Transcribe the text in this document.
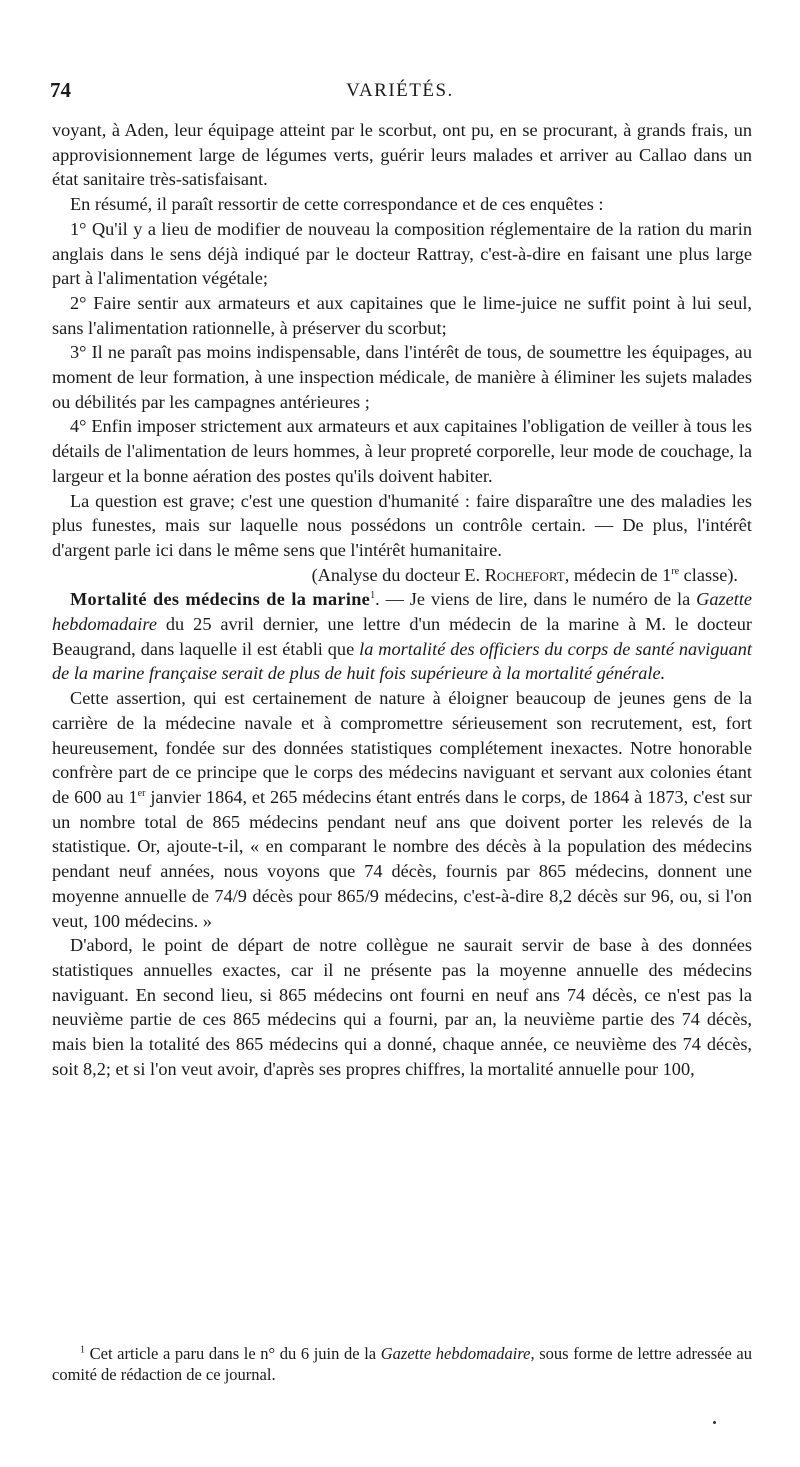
74	VARIÉTÉS.

voyant, à Aden, leur équipage atteint par le scorbut, ont pu, en se procurant, à grands frais, un approvisionnement large de légumes verts, guérir leurs malades et arriver au Callao dans un état sanitaire très-satisfaisant.

En résumé, il paraît ressortir de cette correspondance et de ces enquêtes :

1° Qu'il y a lieu de modifier de nouveau la composition réglementaire de la ration du marin anglais dans le sens déjà indiqué par le docteur Rattray, c'est-à-dire en faisant une plus large part à l'alimentation végétale;

2° Faire sentir aux armateurs et aux capitaines que le lime-juice ne suffit point à lui seul, sans l'alimentation rationnelle, à préserver du scorbut;

3° Il ne paraît pas moins indispensable, dans l'intérêt de tous, de soumettre les équipages, au moment de leur formation, à une inspection médicale, de manière à éliminer les sujets malades ou débilités par les campagnes antérieures ;

4° Enfin imposer strictement aux armateurs et aux capitaines l'obligation de veiller à tous les détails de l'alimentation de leurs hommes, à leur propreté corporelle, leur mode de couchage, la largeur et la bonne aération des postes qu'ils doivent habiter.

La question est grave; c'est une question d'humanité : faire disparaître une des maladies les plus funestes, mais sur laquelle nous possédons un contrôle certain. — De plus, l'intérêt d'argent parle ici dans le même sens que l'intérêt humanitaire.

(Analyse du docteur E. Rochefort, médecin de 1re classe).

Mortalité des médecins de la marine$^1$. — Je viens de lire, dans le numéro de la Gazette hebdomadaire du 25 avril dernier, une lettre d'un médecin de la marine à M. le docteur Beaugrand, dans laquelle il est établi que la mortalité des officiers du corps de santé naviguant de la marine française serait de plus de huit fois supérieure à la mortalité générale.

Cette assertion, qui est certainement de nature à éloigner beaucoup de jeunes gens de la carrière de la médecine navale et à compromettre sérieusement son recrutement, est, fort heureusement, fondée sur des données statistiques complétement inexactes. Notre honorable confrère part de ce principe que le corps des médecins naviguant et servant aux colonies étant de 600 au 1er janvier 1864, et 265 médecins étant entrés dans le corps, de 1864 à 1873, c'est sur un nombre total de 865 médecins pendant neuf ans que doivent porter les relevés de la statistique. Or, ajoute-t-il, « en comparant le nombre des décès à la population des médecins pendant neuf années, nous voyons que 74 décès, fournis par 865 médecins, donnent une moyenne annuelle de 74/9 décès pour 865/9 médecins, c'est-à-dire 8,2 décès sur 96, ou, si l'on veut, 100 médecins. »

D'abord, le point de départ de notre collègue ne saurait servir de base à des données statistiques annuelles exactes, car il ne présente pas la moyenne annuelle des médecins naviguant. En second lieu, si 865 médecins ont fourni en neuf ans 74 décès, ce n'est pas la neuvième partie de ces 865 médecins qui a fourni, par an, la neuvième partie des 74 décès, mais bien la totalité des 865 médecins qui a donné, chaque année, ce neuvième des 74 décès, soit 8,2; et si l'on veut avoir, d'après ses propres chiffres, la mortalité annuelle pour 100,

$^1$ Cet article a paru dans le n° du 6 juin de la Gazette hebdomadaire, sous forme de lettre adressée au comité de rédaction de ce journal.
